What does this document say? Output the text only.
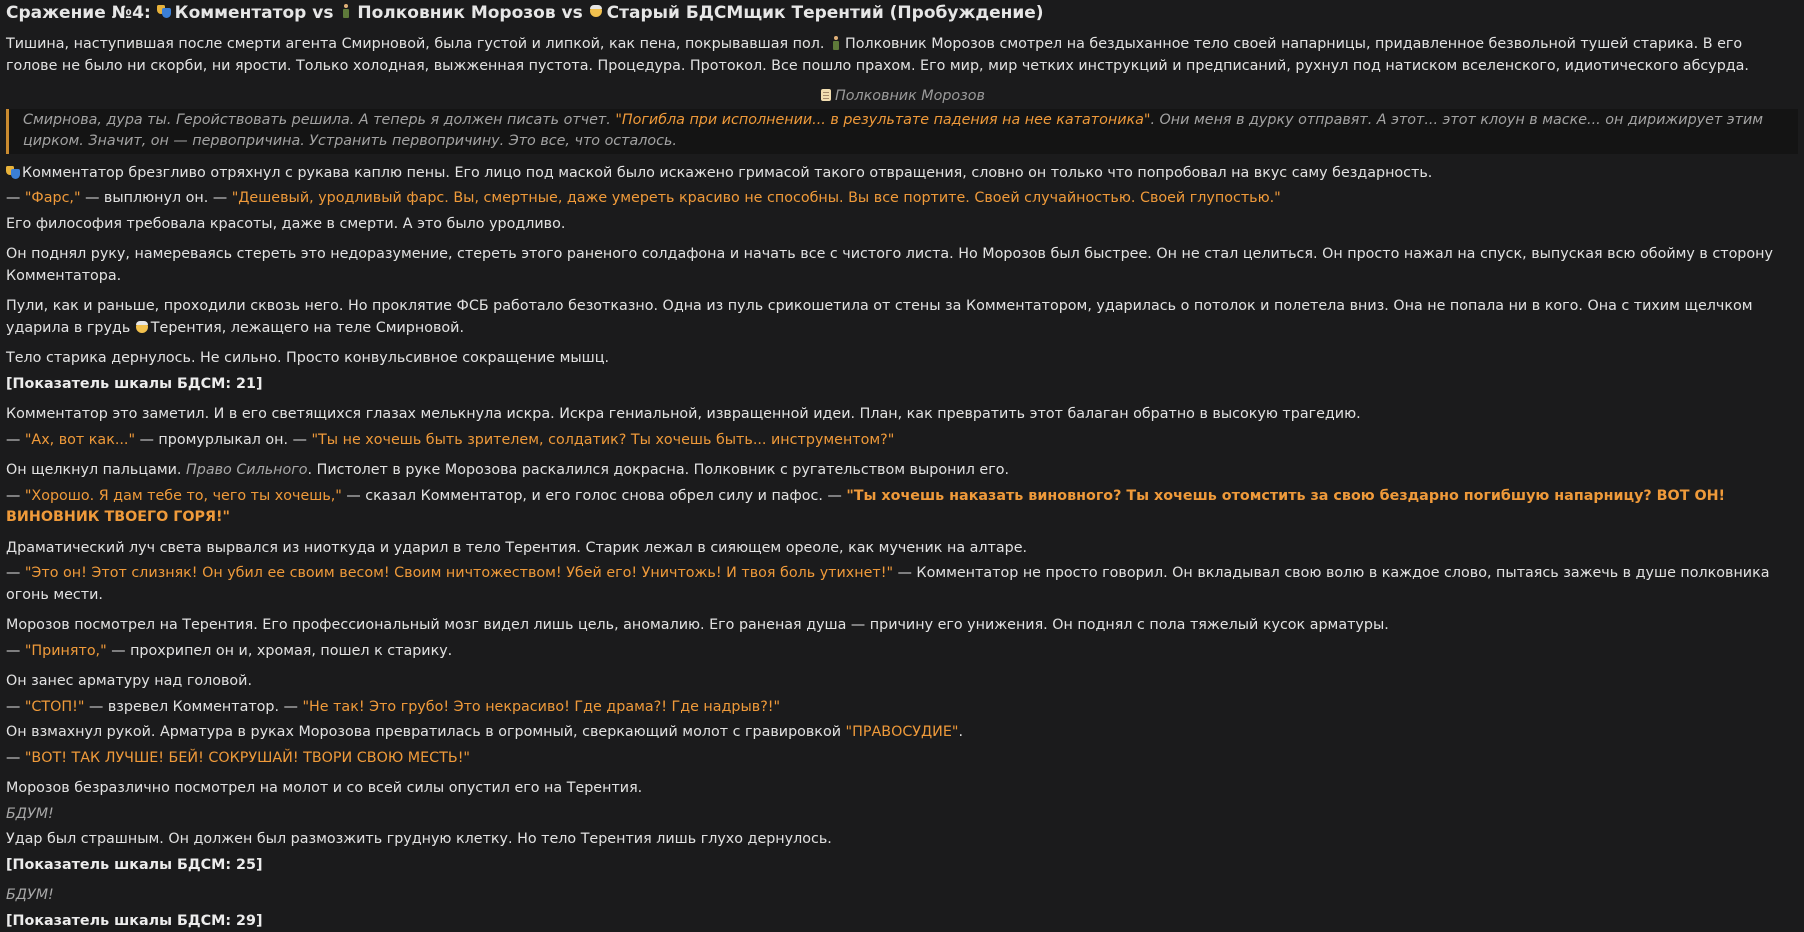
Сражение №4: Комментатор vs Полковник Морозов vs Старый БДСМщик Терентий (Пробуждение)

Тишина, наступившая после смерти агента Смирновой, была густой и липкой, как пена, покрывавшая пол. Полковник Морозов смотрел на бездыханное тело своей напарницы, придавленное безвольной тушей старика. В его голове не было ни скорби, ни ярости. Только холодная, выжженная пустота. Процедура. Протокол. Все пошло прахом. Его мир, мир четких инструкций и предписаний, рухнул под натиском вселенского, идиотического абсурда.

Полковник Морозов
Смирнова, дура ты. Геройствовать решила. А теперь я должен писать отчет. "Погибла при исполнении... в результате падения на нее кататоника". Они меня в дурку отправят. А этот... этот клоун в маске... он дирижирует этим цирком. Значит, он — первопричина. Устранить первопричину. Это все, что осталось.

Комментатор брезгливо отряхнул с рукава каплю пены. Его лицо под маской было искажено гримасой такого отвращения, словно он только что попробовал на вкус саму бездарность.

— "Фарс," — выплюнул он. — "Дешевый, уродливый фарс. Вы, смертные, даже умереть красиво не способны. Вы все портите. Своей случайностью. Своей глупостью."

Его философия требовала красоты, даже в смерти. А это было уродливо.

Он поднял руку, намереваясь стереть это недоразумение, стереть этого раненого солдафона и начать все с чистого листа. Но Морозов был быстрее. Он не стал целиться. Он просто нажал на спуск, выпуская всю обойму в сторону Комментатора.

Пули, как и раньше, проходили сквозь него. Но проклятие ФСБ работало безотказно. Одна из пуль срикошетила от стены за Комментатором, ударилась о потолок и полетела вниз. Она не попала ни в кого. Она с тихим щелчком ударила в грудь Терентия, лежащего на теле Смирновой.

Тело старика дернулось. Не сильно. Просто конвульсивное сокращение мышц.

[Показатель шкалы БДСМ: 21]

Комментатор это заметил. И в его светящихся глазах мелькнула искра. Искра гениальной, извращенной идеи. План, как превратить этот балаган обратно в высокую трагедию.

— "Ах, вот как..." — промурлыкал он. — "Ты не хочешь быть зрителем, солдатик? Ты хочешь быть... инструментом?"

Он щелкнул пальцами. Право Сильного. Пистолет в руке Морозова раскалился докрасна. Полковник с ругательством выронил его.

— "Хорошо. Я дам тебе то, чего ты хочешь," — сказал Комментатор, и его голос снова обрел силу и пафос. — "Ты хочешь наказать виновного? Ты хочешь отомстить за свою бездарно погибшую напарницу? ВОТ ОН! ВИНОВНИК ТВОЕГО ГОРЯ!"

Драматический луч света вырвался из ниоткуда и ударил в тело Терентия. Старик лежал в сияющем ореоле, как мученик на алтаре.

— "Это он! Этот слизняк! Он убил ее своим весом! Своим ничтожеством! Убей его! Уничтожь! И твоя боль утихнет!" — Комментатор не просто говорил. Он вкладывал свою волю в каждое слово, пытаясь зажечь в душе полковника огонь мести.

Морозов посмотрел на Терентия. Его профессиональный мозг видел лишь цель, аномалию. Его раненая душа — причину его унижения. Он поднял с пола тяжелый кусок арматуры.

— "Принято," — прохрипел он и, хромая, пошел к старику.

Он занес арматуру над головой.

— "СТОП!" — взревел Комментатор. — "Не так! Это грубо! Это некрасиво! Где драма?! Где надрыв?!"

Он взмахнул рукой. Арматура в руках Морозова превратилась в огромный, сверкающий молот с гравировкой "ПРАВОСУДИЕ".

— "ВОТ! ТАК ЛУЧШЕ! БЕЙ! СОКРУШАЙ! ТВОРИ СВОЮ МЕСТЬ!"

Морозов безразлично посмотрел на молот и со всей силы опустил его на Терентия.

БДУМ!

Удар был страшным. Он должен был размозжить грудную клетку. Но тело Терентия лишь глухо дернулось.

[Показатель шкалы БДСМ: 25]

БДУМ!

[Показатель шкалы БДСМ: 29]
